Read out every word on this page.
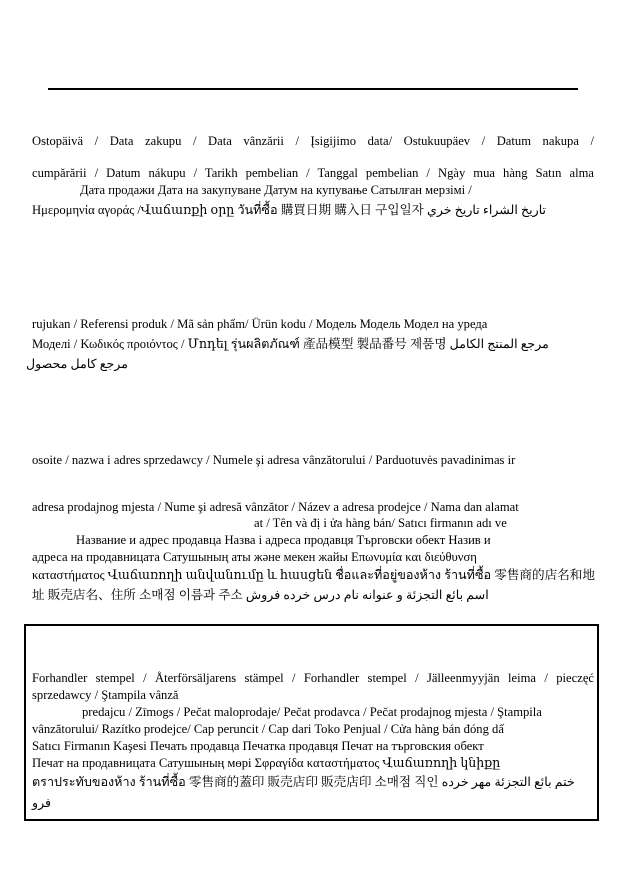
Ostopäivä / Data zakupu / Data vânzării / Įsigijimo data/ Ostukuupäev / Datum nakupa /
cumpărării / Datum nákupu / Tarikh pembelian / Tanggal pembelian / Ngày mua hàng Satın alma
Дата продажи Дата на закупуване Датум на купување Сатылған мерзімі /
Ημερομηνία αγοράς /Վաճառքի օրը วันที่ซื้อ 購買日期 購入日 구입일자 تاريخ الشراء تاريخ خري
rujukan / Referensi produk / Mã sản phẩm/ Ürün kodu / Модель Модель Модел на уреда
Моделі / Κωδικός προιόντος / Մոդել รุ่นผลิตภัณฑ์ 產品模型 製品番号 제품명 مرجع المنتج الكامل
مرجع كامل محصول
osoite / nazwa i adres sprzedawcy / Numele şi adresa vânzătorului / Parduotuvės pavadinimas ir
adresa prodajnog mjesta / Nume şi adresă vânzător / Název a adresa prodejce / Nama dan alamat
at / Tên và đị i ửa hàng bán/ Satıcı firmanın adı ve
Название и адрес продавца Назва і адреса продавця Търговски обект Назив и
адреса на продавницата Сатушының аты және мекен жайы Επωνυμία και διεύθυνση
καταστήματος Վաճառողի անվանումը և հասցեն ชื่อและที่อยู่ของห้าง ร้านที่ซื้อ 零售商的店名和地
址 販売店名、住所 소매점 이름과 주소 اسم بائع التجزئة و عنوانه نام درس خرده فروش
Forhandler stempel / Återförsäljarens stämpel / Forhandler stempel / Jälleenmyyjän leima / pieczęć
sprzedawcy / Ştampila vânză
predajcu / Zīmogs / Pečat maloprodaje/ Pečat prodavca / Pečat prodajnog mjesta / Ştampila
vânzătorului/ Razítko prodejce/ Cap peruncit / Cap dari Toko Penjual / Cửa hàng bán đóng dấ
Satıcı Firmanın Kaşesi Печать продавца Печатка продавця Печат на търговския обект
Печат на продавницата Сатушының мөрі Σφραγίδα καταστήματος Վաճառողի կնիքը
ตราประทับของห้าง ร้านที่ซื้อ 零售商的蓋印 販売店印 販売店印 소매점 직인 ختم بائع التجزئة مهر خرده
فرو
